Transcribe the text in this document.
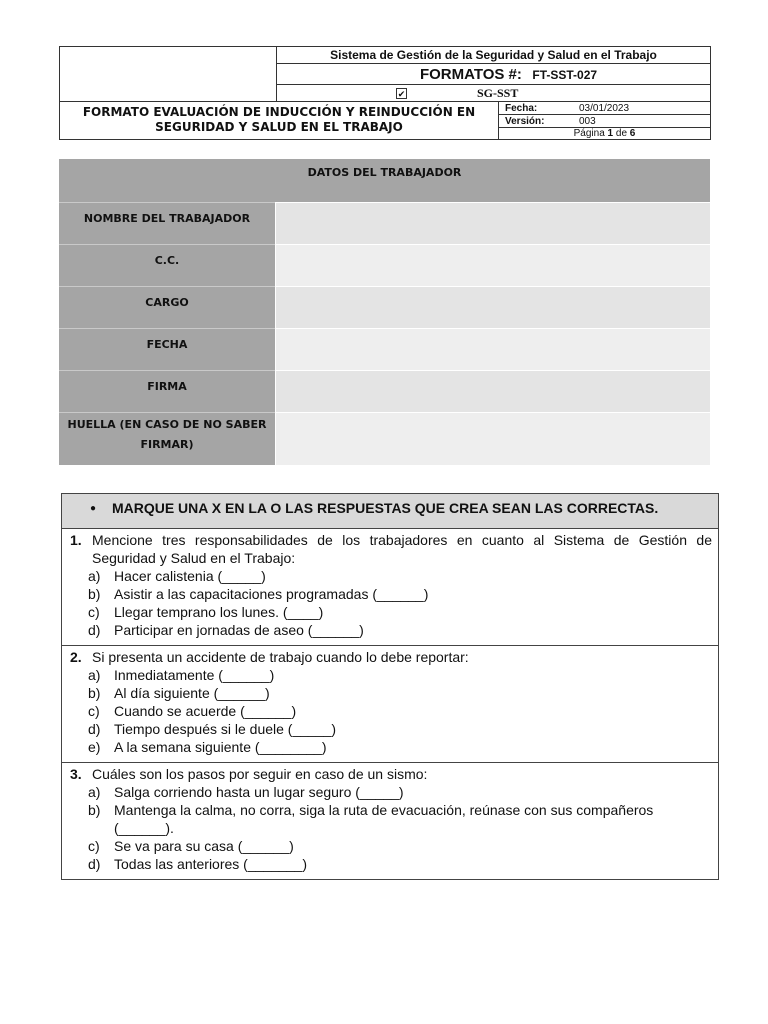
Sistema de Gestión de la Seguridad y Salud en el Trabajo
FORMATOS #: FT-SST-027
✔	SG-SST
FORMATO EVALUACIÓN DE INDUCCIÓN Y REINDUCCIÓN EN
SEGURIDAD Y SALUD EN EL TRABAJO
Fecha:	03/01/2023
Versión:	003
Página 1 de 6
DATOS DEL TRABAJADOR
NOMBRE DEL TRABAJADOR
C.C.
CARGO
FECHA
FIRMA
HUELLA (EN CASO DE NO SABER
FIRMAR)
● MARQUE UNA X EN LA O LAS RESPUESTAS QUE CREA SEAN LAS CORRECTAS.
1. Mencione tres responsabilidades de los trabajadores en cuanto al Sistema de Gestión de Seguridad y Salud en el Trabajo:
a) Hacer calistenia (_____)
b) Asistir a las capacitaciones programadas (______)
c)	Llegar temprano los lunes. (____)
d) Participar en jornadas de aseo (______)
2. Si presenta un accidente de trabajo cuando lo debe reportar:
a) Inmediatamente (______)
b) Al día siguiente (______)
c)	Cuando se acuerde (______)
d) Tiempo después si le duele (_____)
e) A la semana siguiente (________)
3. Cuáles son los pasos por seguir en caso de un sismo:
a) Salga corriendo hasta un lugar seguro (_____)
b) Mantenga la calma, no corra, siga la ruta de evacuación, reúnase con sus compañeros (______).
c)	Se va para su casa (______)
d) Todas las anteriores (_______)
